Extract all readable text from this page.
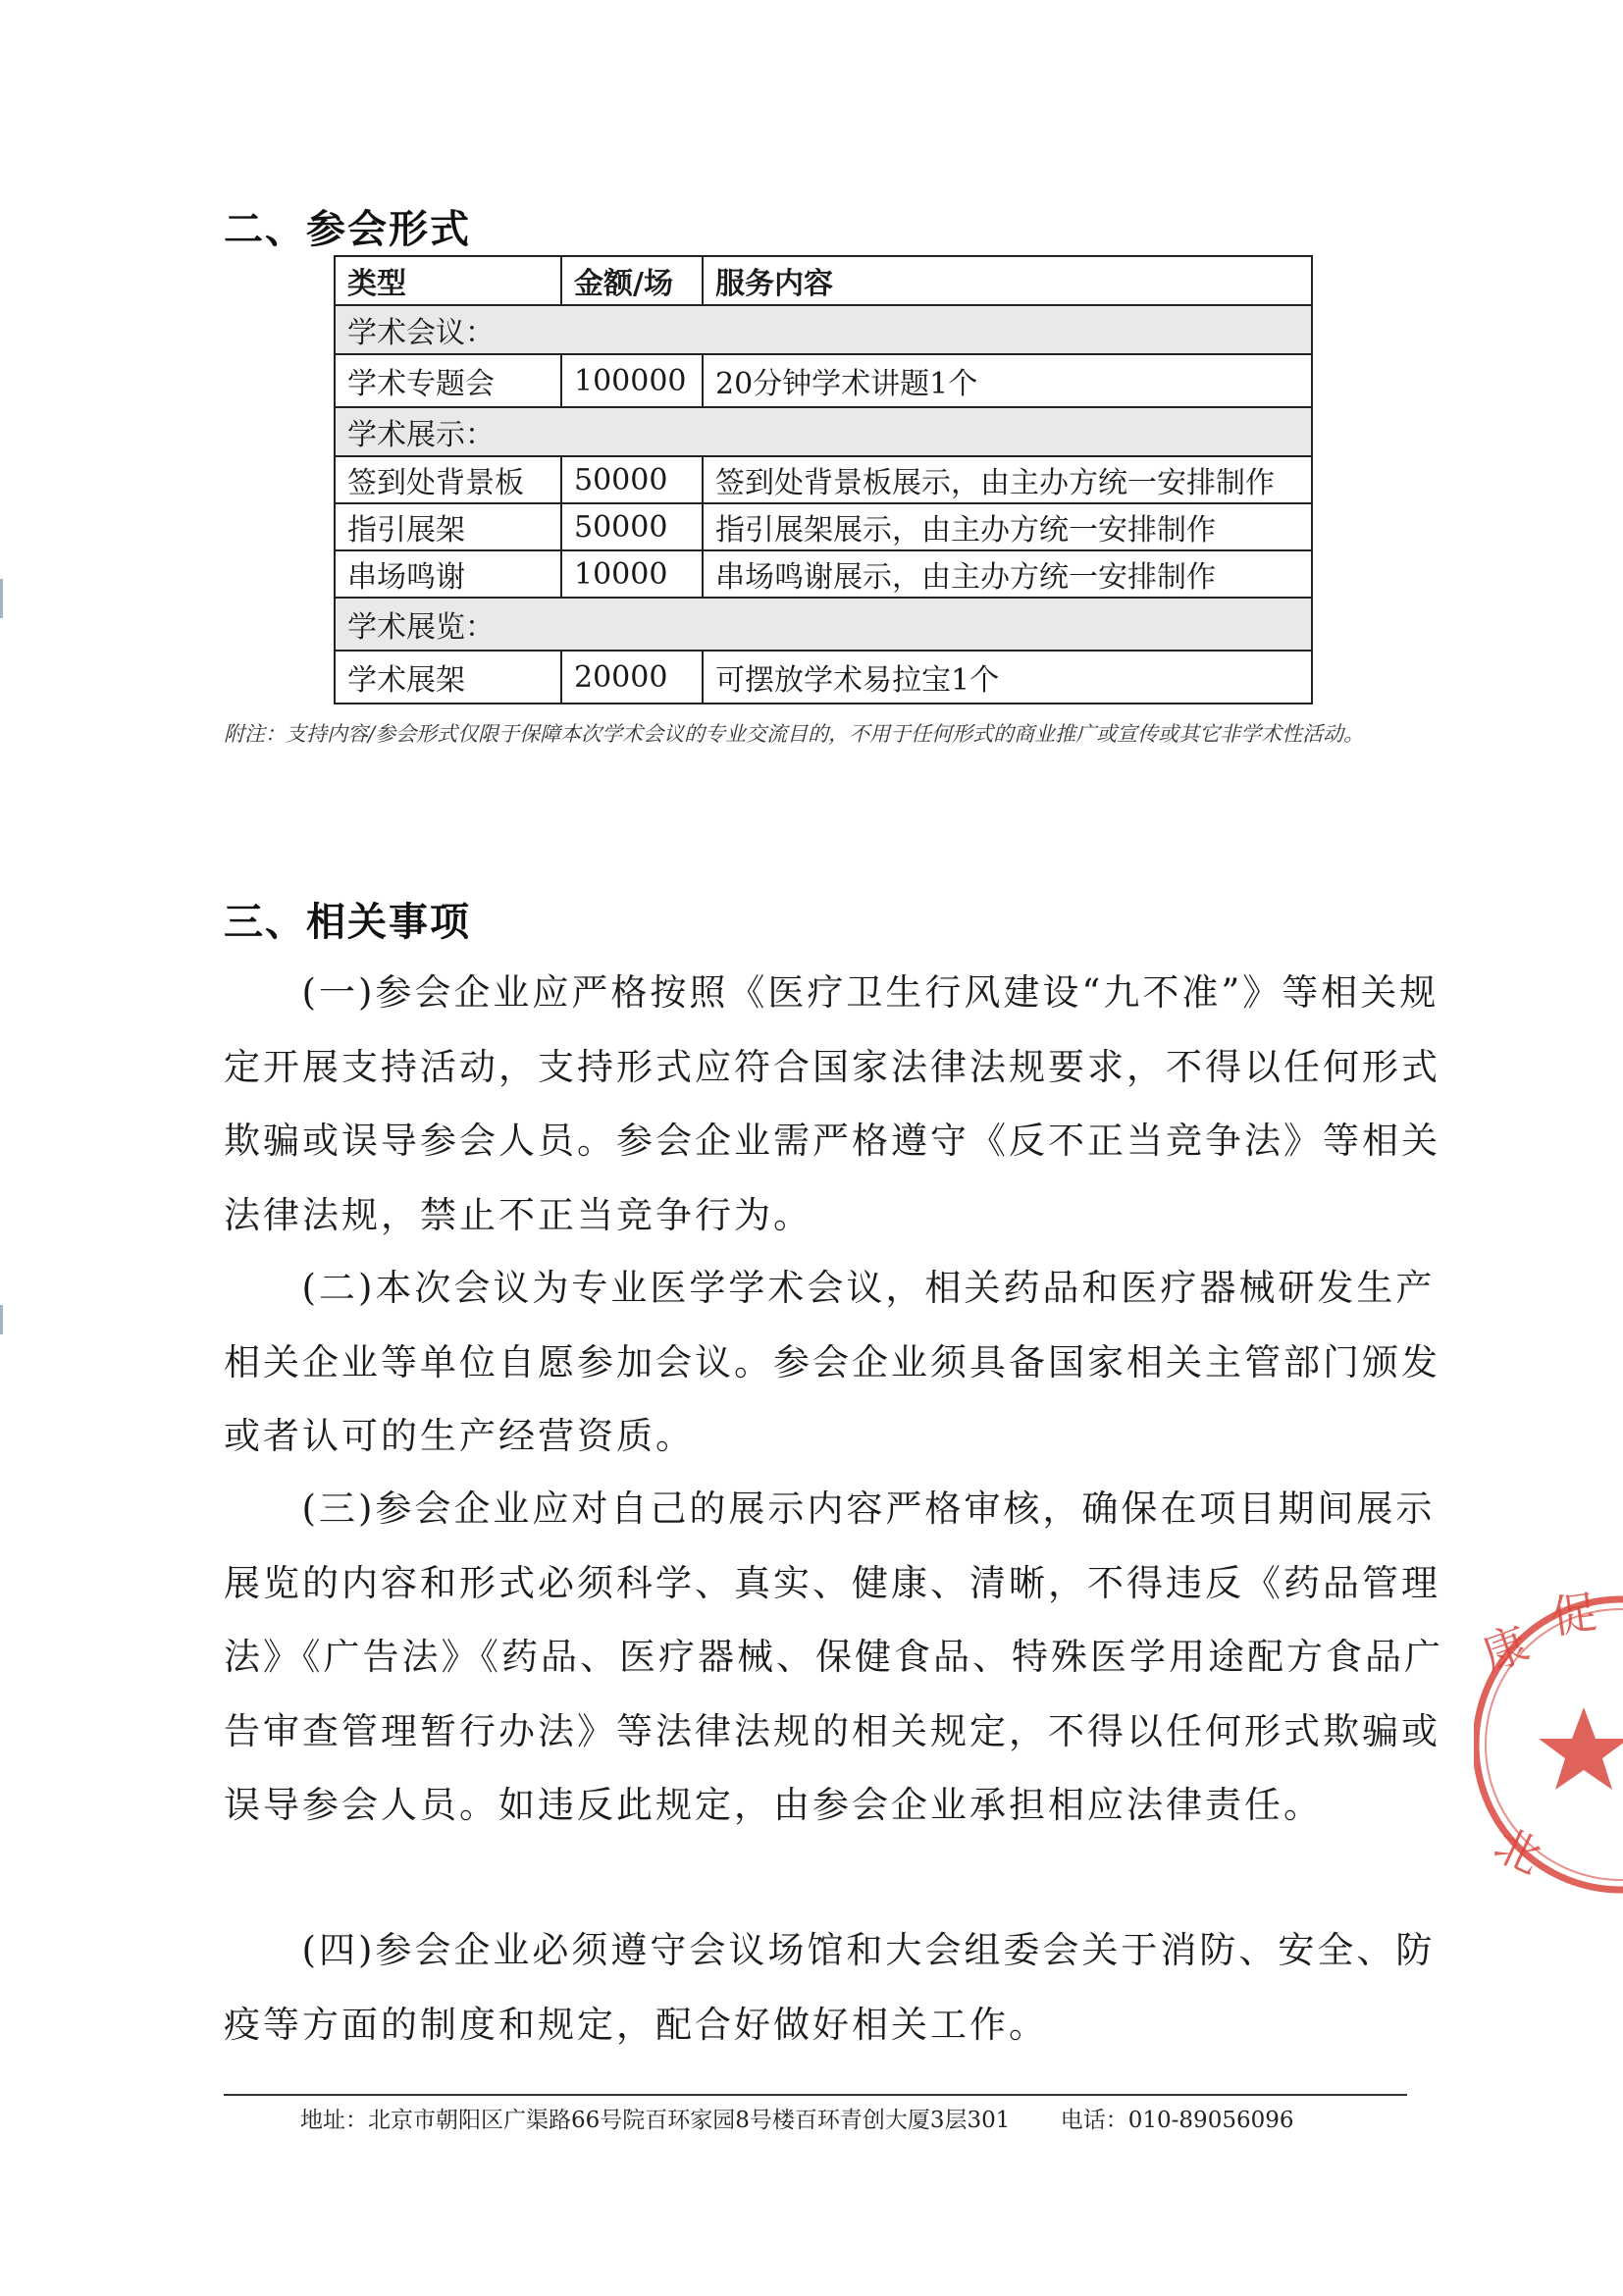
二、参会形式
类型	金额/场	服务内容
学术会议：		
学术专题会	100000	20分钟学术讲题1个
学术展示：		
签到处背景板	50000	签到处背景板展示，由主办方统一安排制作
指引展架	50000	指引展架展示，由主办方统一安排制作
串场鸣谢	10000	串场鸣谢展示，由主办方统一安排制作
学术展览：		
学术展架	20000	可摆放学术易拉宝1个
附注：支持内容/参会形式仅限于保障本次学术会议的专业交流目的，不用于任何形式的商业推广或宣传或其它非学术性活动。
三、相关事项

(一)参会企业应严格按照《医疗卫生行风建设“九不准”》等相关规定开展支持活动，支持形式应符合国家法律法规要求，不得以任何形式欺骗或误导参会人员。参会企业需严格遵守《反不正当竞争法》等相关法律法规，禁止不正当竞争行为。

(二)本次会议为专业医学学术会议，相关药品和医疗器械研发生产相关企业等单位自愿参加会议。参会企业须具备国家相关主管部门颁发或者认可的生产经营资质。

(三)参会企业应对自己的展示内容严格审核，确保在项目期间展示展览的内容和形式必须科学、真实、健康、清晰，不得违反《药品管理法》《广告法》《药品、医疗器械、保健食品、特殊医学用途配方食品广告审查管理暂行办法》等法律法规的相关规定，不得以任何形式欺骗或误导参会人员。如违反此规定，由参会企业承担相应法律责任。

(四)参会企业必须遵守会议场馆和大会组委会关于消防、安全、防疫等方面的制度和规定，配合好做好相关工作。

康
促
北
地址：北京市朝阳区广渠路66号院百环家园8号楼百环青创大厦3层301 电话：010-89056096
